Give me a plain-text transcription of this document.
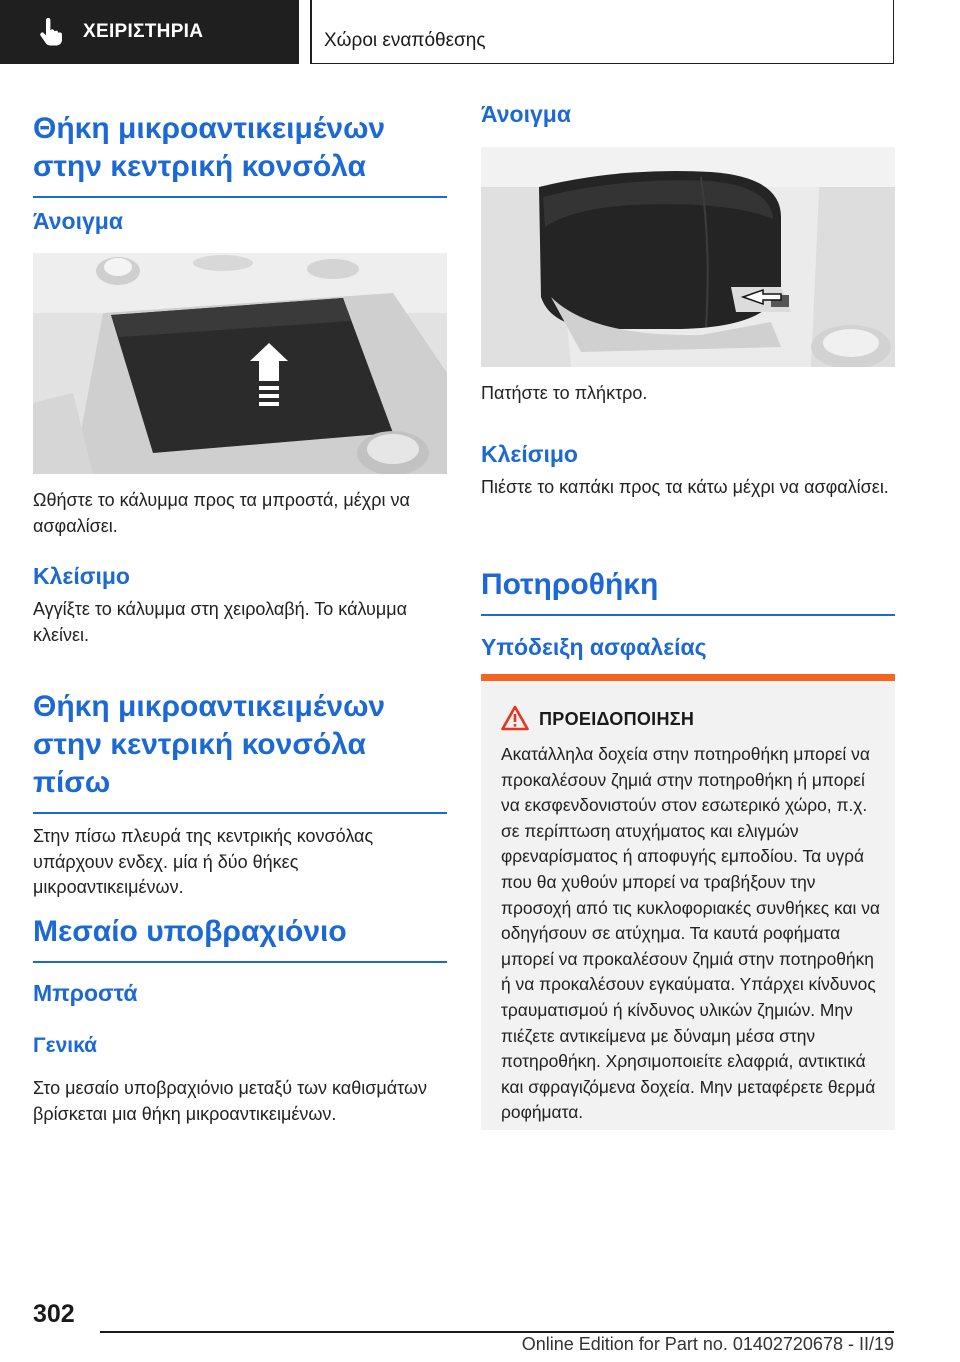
ΧΕΙΡΙΣΤΗΡΙΑ	Χώροι εναπόθεσης
Θήκη μικροαντικειμένων στην κεντρική κονσόλα
Άνοιγμα

Ωθήστε το κάλυμμα προς τα μπροστά, μέχρι να ασφαλίσει.

Κλείσιμο

Αγγίξτε το κάλυμμα στη χειρολαβή. Το κάλυμμα κλείνει.

Θήκη μικροαντικειμένων στην κεντρική κονσόλα πίσω

Στην πίσω πλευρά της κεντρικής κονσόλας υπάρχουν ενδεχ. μία ή δύο θήκες μικροαντικειμένων.

Μεσαίο υποβραχιόνιο
Μπροστά
Γενικά

Στο μεσαίο υποβραχιόνιο μεταξύ των καθισμάτων βρίσκεται μια θήκη μικροαντικειμένων.

Άνοιγμα

Πατήστε το πλήκτρο.

Κλείσιμο

Πιέστε το καπάκι προς τα κάτω μέχρι να ασφαλίσει.

Ποτηροθήκη
Υπόδειξη ασφαλείας
ΠΡΟΕΙΔΟΠΟΙΗΣΗ
Ακατάλληλα δοχεία στην ποτηροθήκη μπορεί να προκαλέσουν ζημιά στην ποτηροθήκη ή μπορεί να εκσφενδονιστούν στον εσωτερικό χώρο, π.χ. σε περίπτωση ατυχήματος και ελιγμών φρεναρίσματος ή αποφυγής εμποδίου. Τα υγρά που θα χυθούν μπορεί να τραβήξουν την προσοχή από τις κυκλοφοριακές συνθήκες και να οδηγήσουν σε ατύχημα. Τα καυτά ροφήματα μπορεί να προκαλέσουν ζημιά στην ποτηροθήκη ή να προκαλέσουν εγκαύματα. Υπάρχει κίνδυνος τραυματισμού ή κίνδυνος υλικών ζημιών. Μην πιέζετε αντικείμενα με δύναμη μέσα στην ποτηροθήκη. Χρησιμοποιείτε ελαφριά, αντικτικά και σφραγιζόμενα δοχεία. Μην μεταφέρετε θερμά ροφήματα.
302
Online Edition for Part no. 01402720678 - II/19
